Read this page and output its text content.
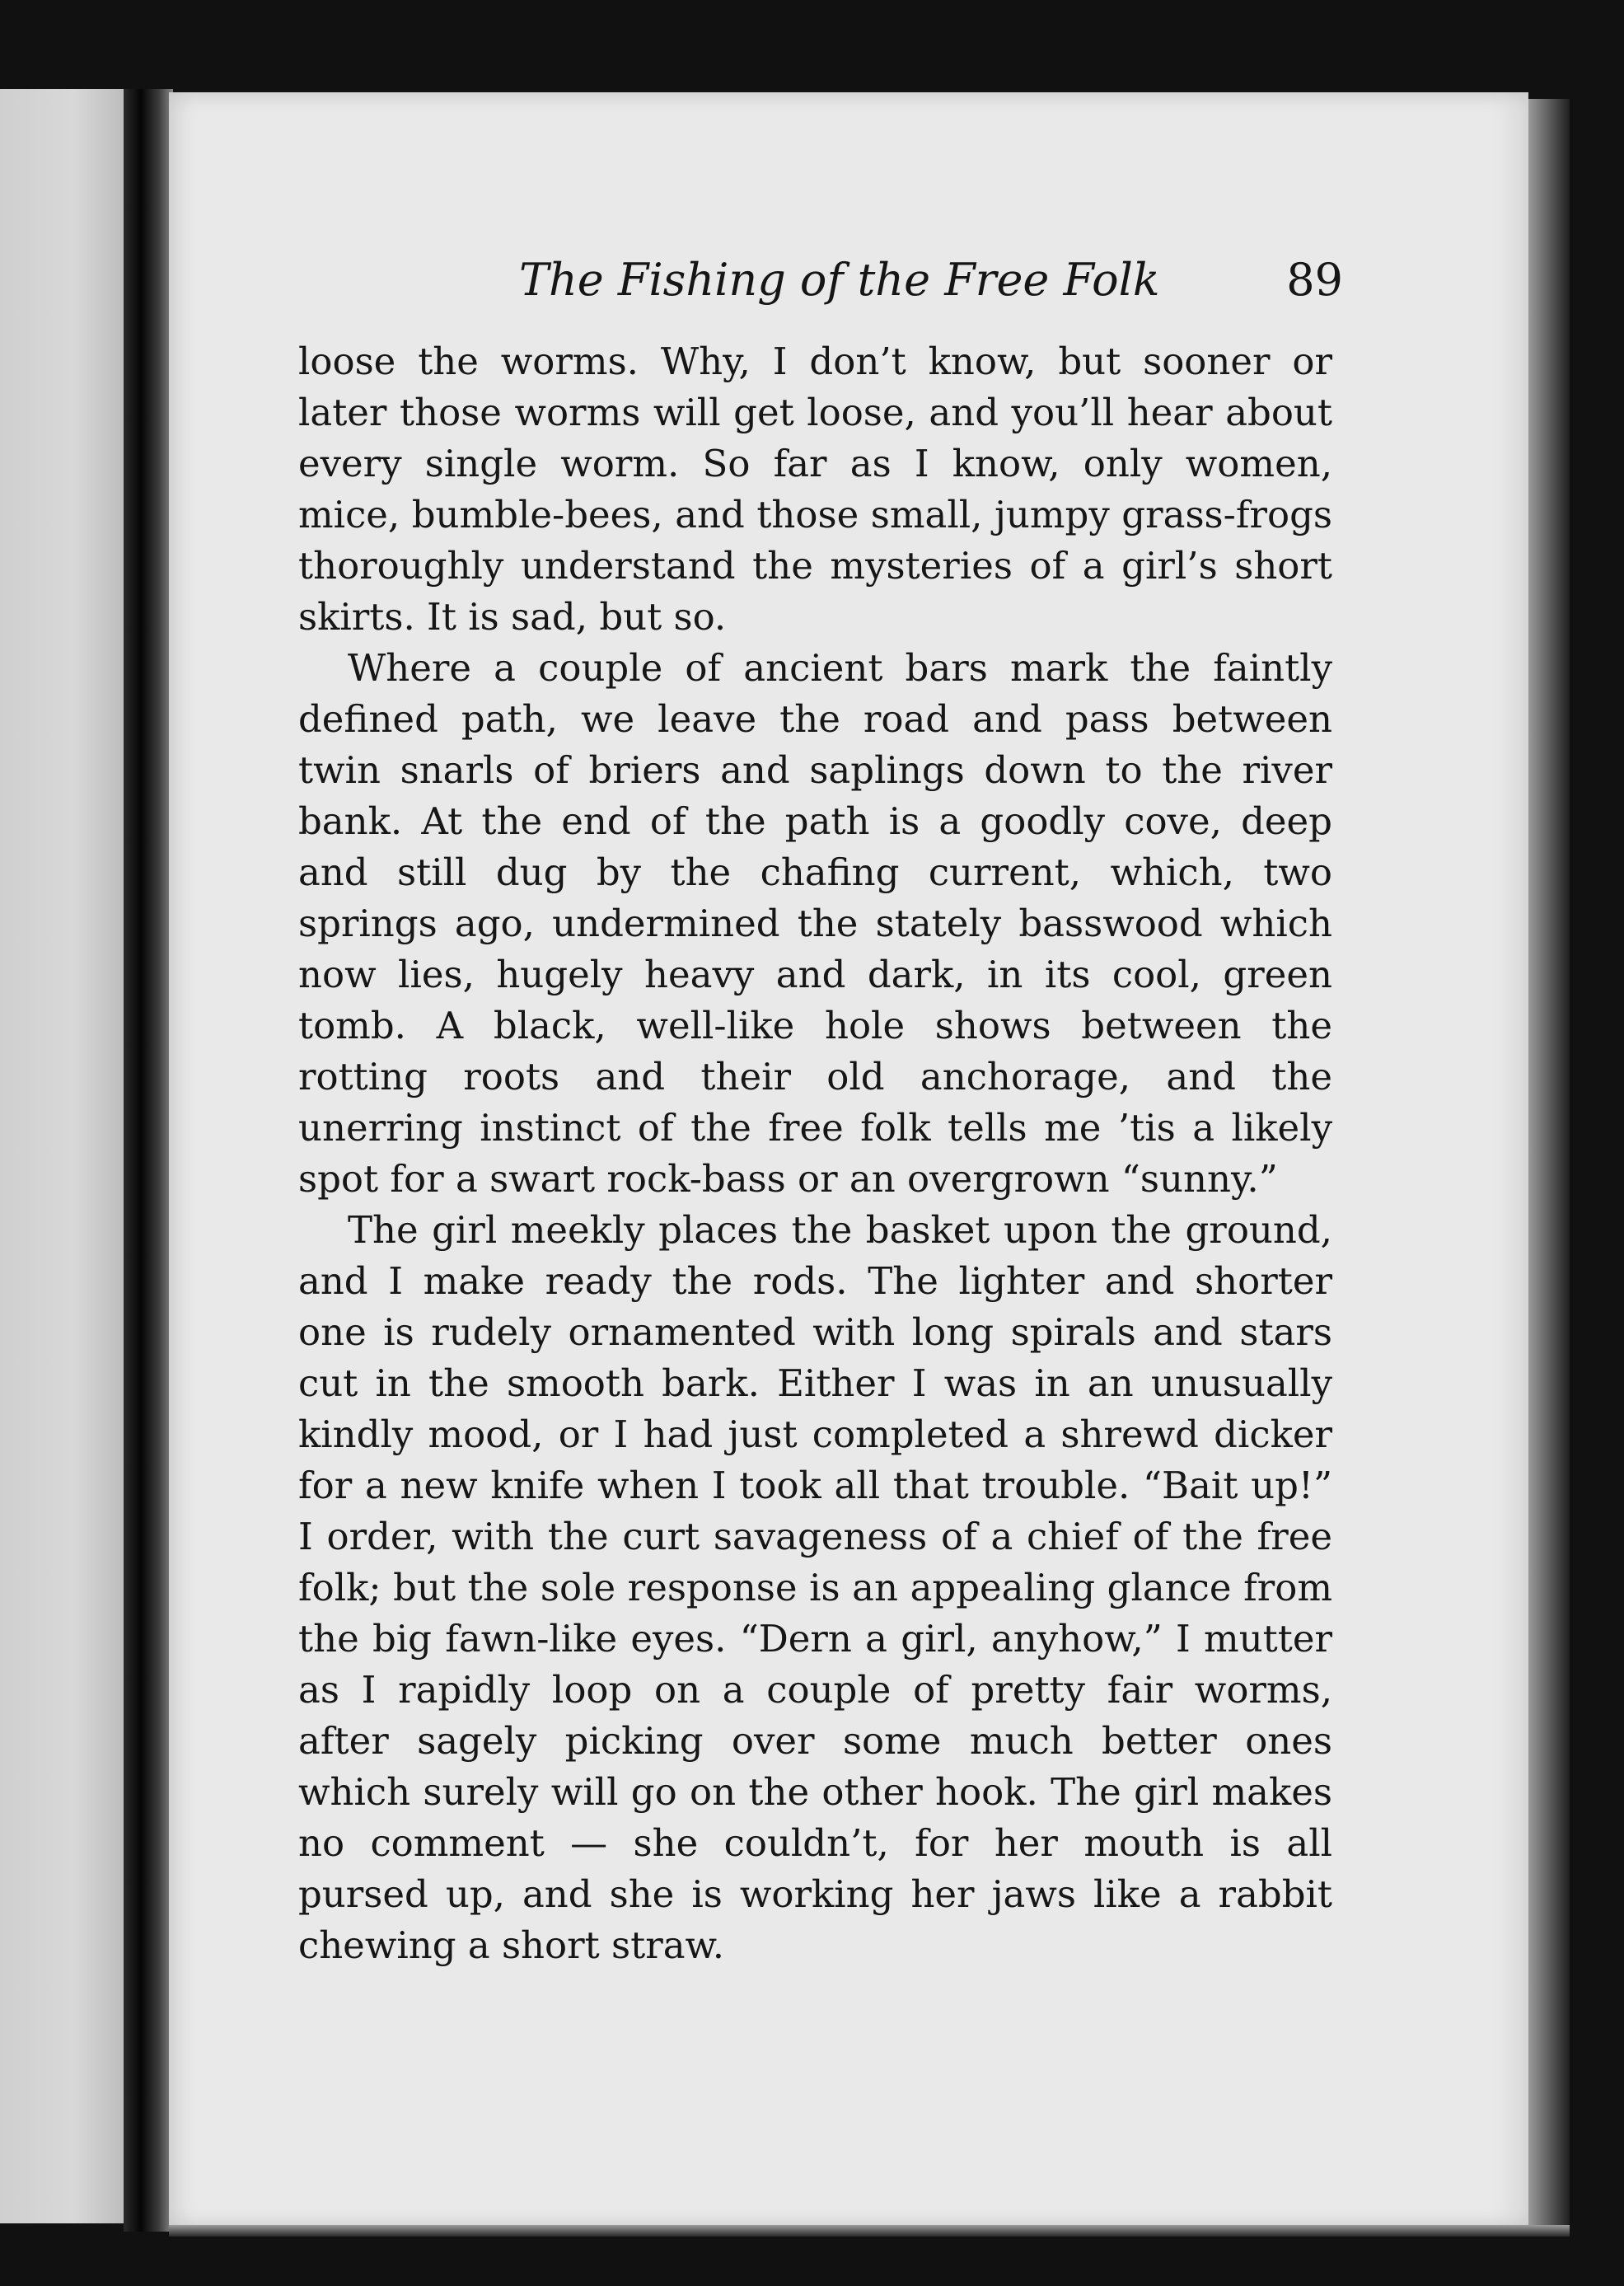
The Fishing of the Free Folk	89

loose the worms. Why, I don’t know, but sooner or later those worms will get loose, and you’ll hear about every single worm. So far as I know, only women, mice, bumble-bees, and those small, jumpy grass-frogs thoroughly understand the mysteries of a girl’s short skirts. It is sad, but so.

Where a couple of ancient bars mark the faintly defined path, we leave the road and pass between twin snarls of briers and saplings down to the river bank. At the end of the path is a goodly cove, deep and still dug by the chafing current, which, two springs ago, undermined the stately basswood which now lies, hugely heavy and dark, in its cool, green tomb. A black, well-like hole shows between the rotting roots and their old anchorage, and the unerring instinct of the free folk tells me ’tis a likely spot for a swart rock-bass or an overgrown “sunny.”

The girl meekly places the basket upon the ground, and I make ready the rods. The lighter and shorter one is rudely ornamented with long spirals and stars cut in the smooth bark. Either I was in an unusually kindly mood, or I had just completed a shrewd dicker for a new knife when I took all that trouble. “Bait up!” I order, with the curt savageness of a chief of the free folk; but the sole response is an appealing glance from the big fawn-like eyes. “Dern a girl, anyhow,” I mutter as I rapidly loop on a couple of pretty fair worms, after sagely picking over some much better ones which surely will go on the other hook. The girl makes no comment — she couldn’t, for her mouth is all pursed up, and she is working her jaws like a rabbit chewing a short straw.
